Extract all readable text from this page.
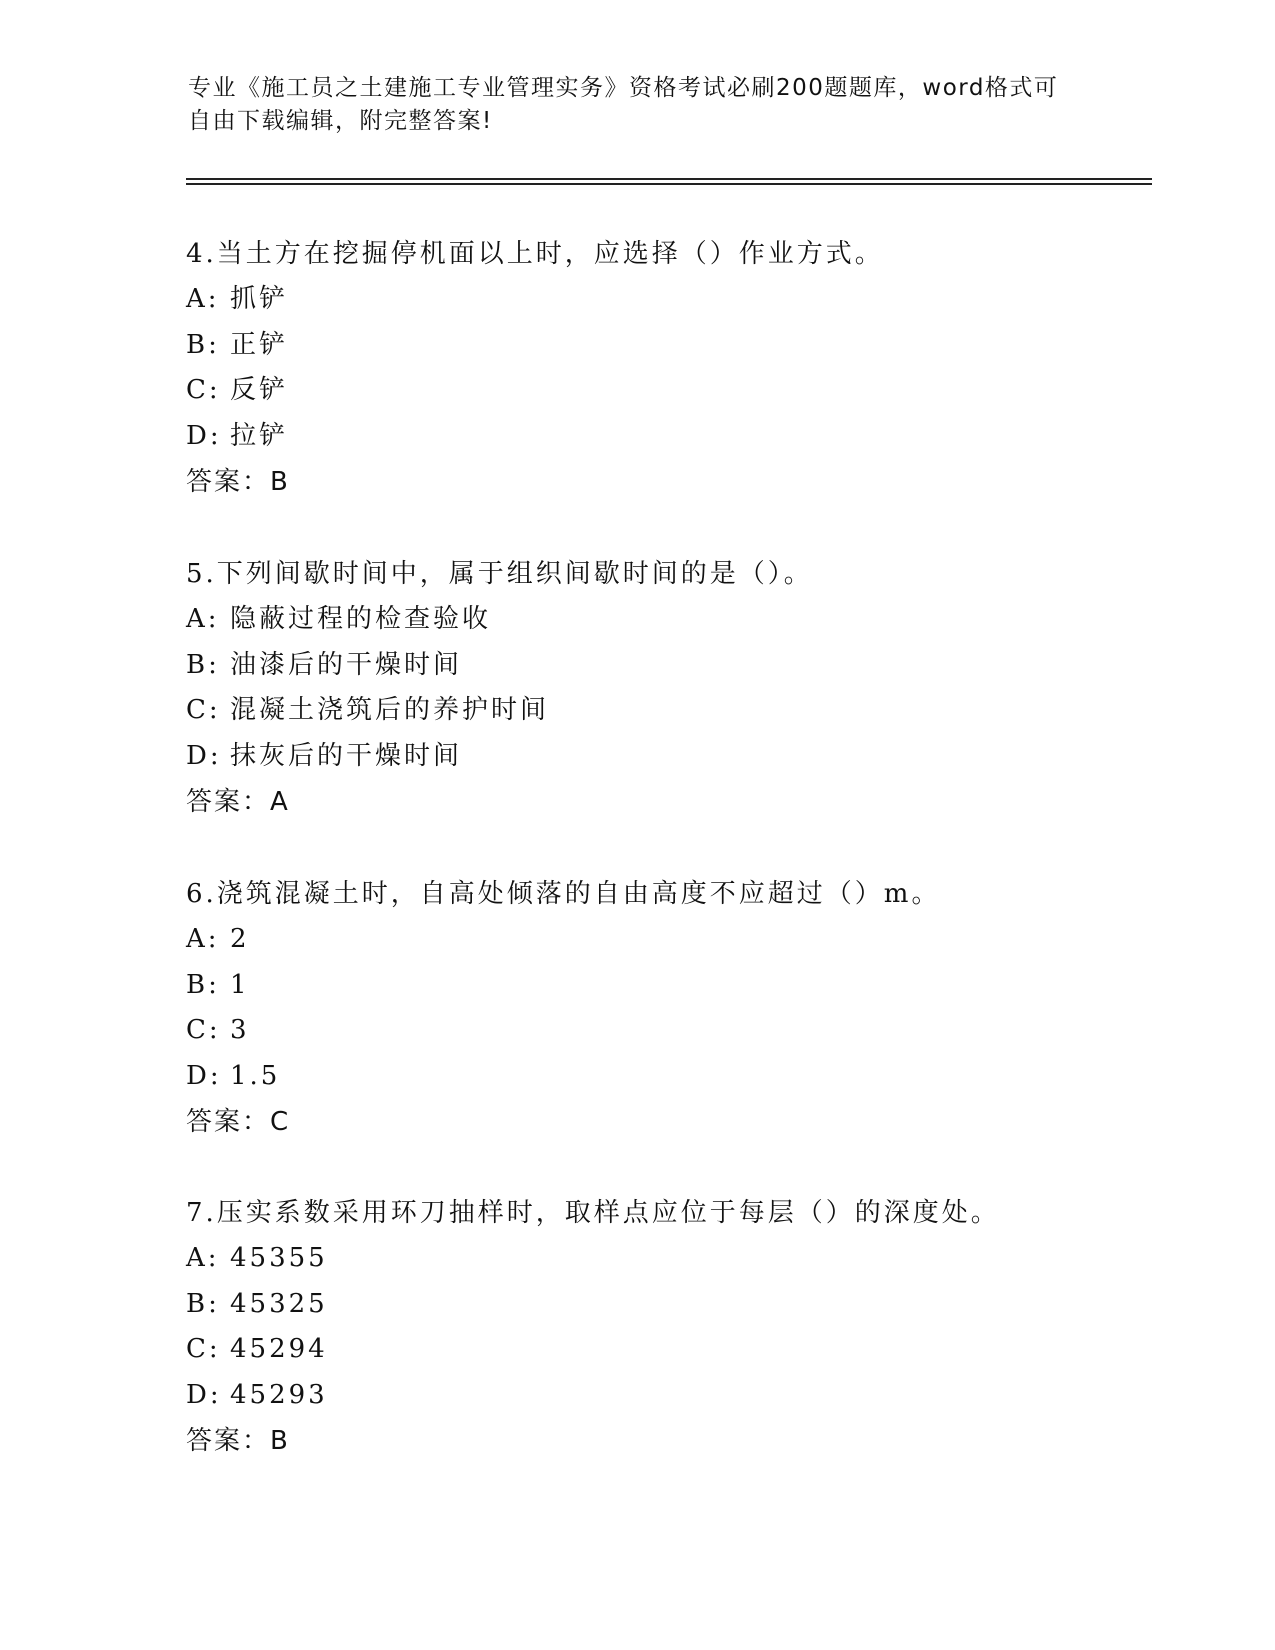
专业《施工员之土建施工专业管理实务》资格考试必刷200题题库，word格式可
自由下载编辑，附完整答案!
4.当土方在挖掘停机面以上时，应选择（）作业方式。
A: 抓铲
B: 正铲
C: 反铲
D: 拉铲
答案：B
5.下列间歇时间中，属于组织间歇时间的是（）。
A: 隐蔽过程的检查验收
B: 油漆后的干燥时间
C: 混凝土浇筑后的养护时间
D: 抹灰后的干燥时间
答案：A
6.浇筑混凝土时，自高处倾落的自由高度不应超过（）m。
A: 2
B: 1
C: 3
D: 1.5
答案：C
7.压实系数采用环刀抽样时，取样点应位于每层（）的深度处。
A: 45355
B: 45325
C: 45294
D: 45293
答案：B
